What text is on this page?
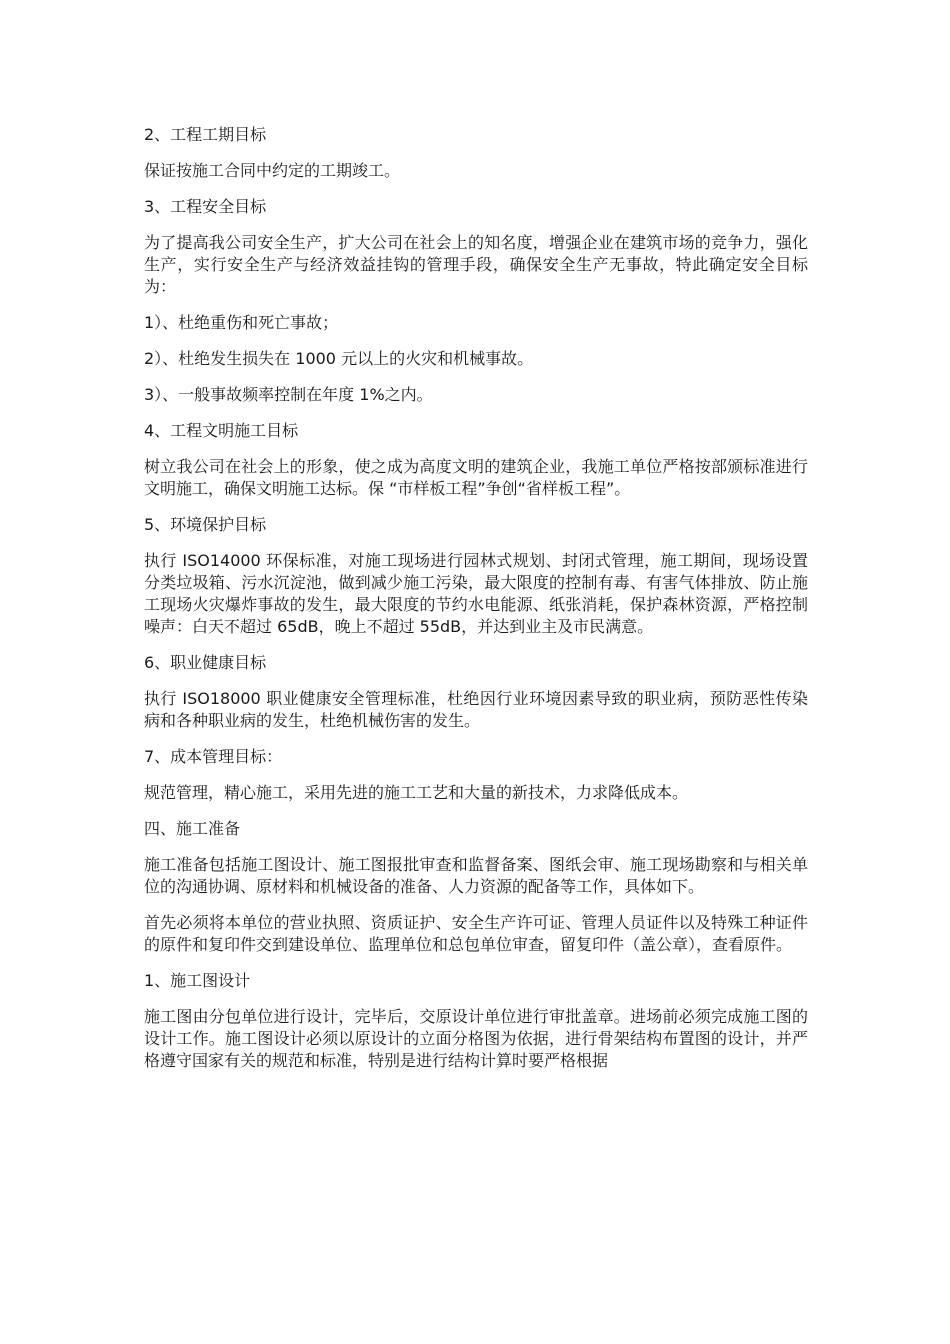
2、工程工期目标

保证按施工合同中约定的工期竣工。

3、工程安全目标

为了提高我公司安全生产，扩大公司在社会上的知名度，增强企业在建筑市场的竞争力，强化生产，实行安全生产与经济效益挂钩的管理手段，确保安全生产无事故，特此确定安全目标为：

1）、杜绝重伤和死亡事故；

2）、杜绝发生损失在 1000 元以上的火灾和机械事故。

3）、一般事故频率控制在年度 1%之内。

4、工程文明施工目标

树立我公司在社会上的形象，使之成为高度文明的建筑企业，我施工单位严格按部颁标准进行文明施工，确保文明施工达标。保 “市样板工程”争创“省样板工程”。

5、环境保护目标

执行 ISO14000 环保标准，对施工现场进行园林式规划、封闭式管理，施工期间，现场设置分类垃圾箱、污水沉淀池，做到减少施工污染，最大限度的控制有毒、有害气体排放、防止施工现场火灾爆炸事故的发生，最大限度的节约水电能源、纸张消耗，保护森林资源，严格控制噪声：白天不超过 65dB，晚上不超过 55dB，并达到业主及市民满意。

6、职业健康目标

执行 ISO18000 职业健康安全管理标准，杜绝因行业环境因素导致的职业病，预防恶性传染病和各种职业病的发生，杜绝机械伤害的发生。

7、成本管理目标：

规范管理，精心施工，采用先进的施工工艺和大量的新技术，力求降低成本。

四、施工准备

施工准备包括施工图设计、施工图报批审查和监督备案、图纸会审、施工现场勘察和与相关单位的沟通协调、原材料和机械设备的准备、人力资源的配备等工作，具体如下。

首先必须将本单位的营业执照、资质证护、安全生产许可证、管理人员证件以及特殊工种证件的原件和复印件交到建设单位、监理单位和总包单位审查，留复印件（盖公章），查看原件。

1、施工图设计

施工图由分包单位进行设计，完毕后，交原设计单位进行审批盖章。进场前必须完成施工图的设计工作。施工图设计必须以原设计的立面分格图为依据，进行骨架结构布置图的设计，并严格遵守国家有关的规范和标准，特别是进行结构计算时要严格根据
